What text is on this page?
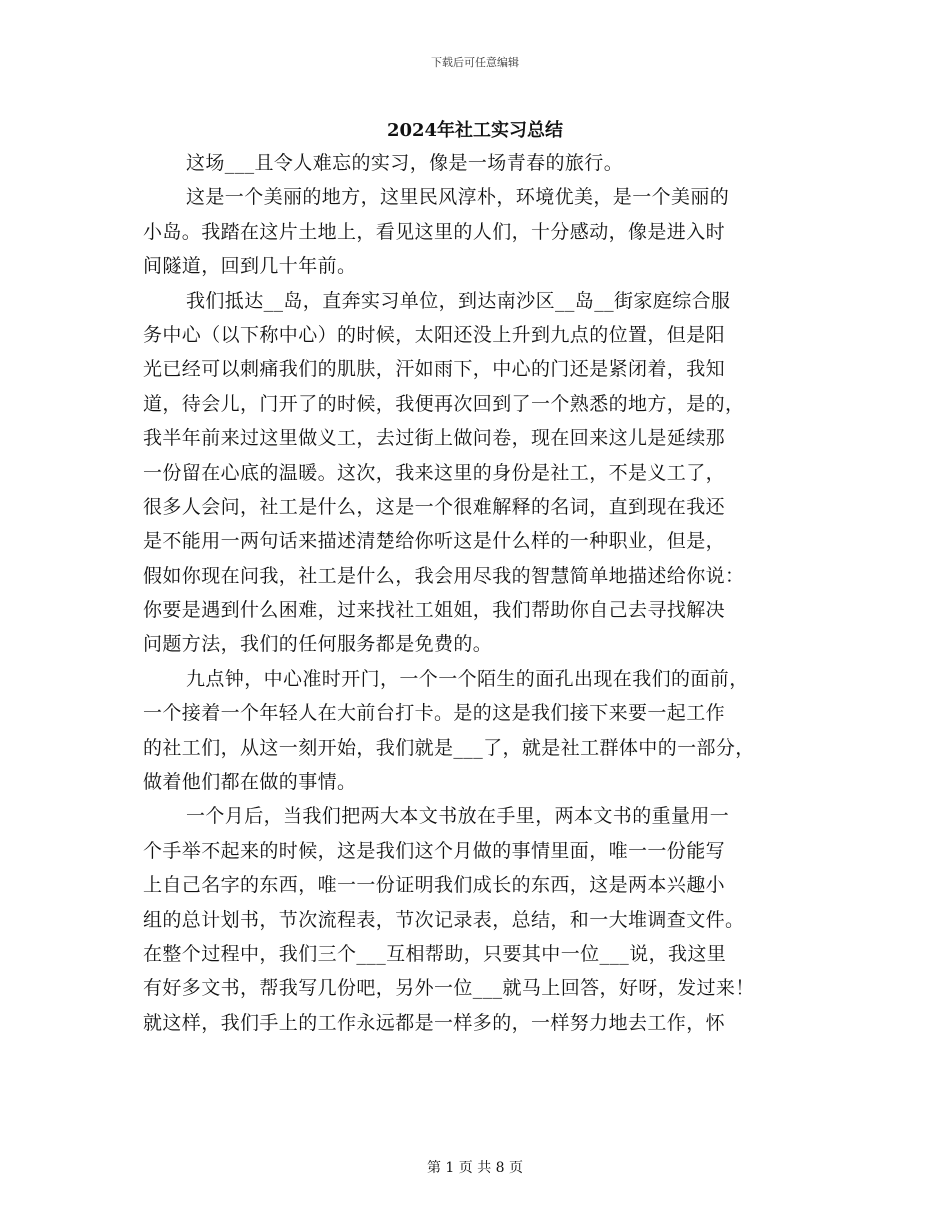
下载后可任意编辑
2024年社工实习总结
这场___且令人难忘的实习，像是一场青春的旅行。
这是一个美丽的地方，这里民风淳朴，环境优美，是一个美丽的
小岛。我踏在这片土地上，看见这里的人们，十分感动，像是进入时
间隧道，回到几十年前。
我们抵达__岛，直奔实习单位，到达南沙区__岛__街家庭综合服
务中心（以下称中心）的时候，太阳还没上升到九点的位置，但是阳
光已经可以刺痛我们的肌肤，汗如雨下，中心的门还是紧闭着，我知
道，待会儿，门开了的时候，我便再次回到了一个熟悉的地方，是的，
我半年前来过这里做义工，去过街上做问卷，现在回来这儿是延续那
一份留在心底的温暖。这次，我来这里的身份是社工，不是义工了，
很多人会问，社工是什么，这是一个很难解释的名词，直到现在我还
是不能用一两句话来描述清楚给你听这是什么样的一种职业，但是，
假如你现在问我，社工是什么，我会用尽我的智慧简单地描述给你说：
你要是遇到什么困难，过来找社工姐姐，我们帮助你自己去寻找解决
问题方法，我们的任何服务都是免费的。
九点钟，中心准时开门，一个一个陌生的面孔出现在我们的面前，
一个接着一个年轻人在大前台打卡。是的这是我们接下来要一起工作
的社工们，从这一刻开始，我们就是___了，就是社工群体中的一部分，
做着他们都在做的事情。
一个月后，当我们把两大本文书放在手里，两本文书的重量用一
个手举不起来的时候，这是我们这个月做的事情里面，唯一一份能写
上自己名字的东西，唯一一份证明我们成长的东西，这是两本兴趣小
组的总计划书，节次流程表，节次记录表，总结，和一大堆调查文件。
在整个过程中，我们三个___互相帮助，只要其中一位___说，我这里
有好多文书，帮我写几份吧，另外一位___就马上回答，好呀，发过来！
就这样，我们手上的工作永远都是一样多的，一样努力地去工作，怀
第 1 页 共 8 页
